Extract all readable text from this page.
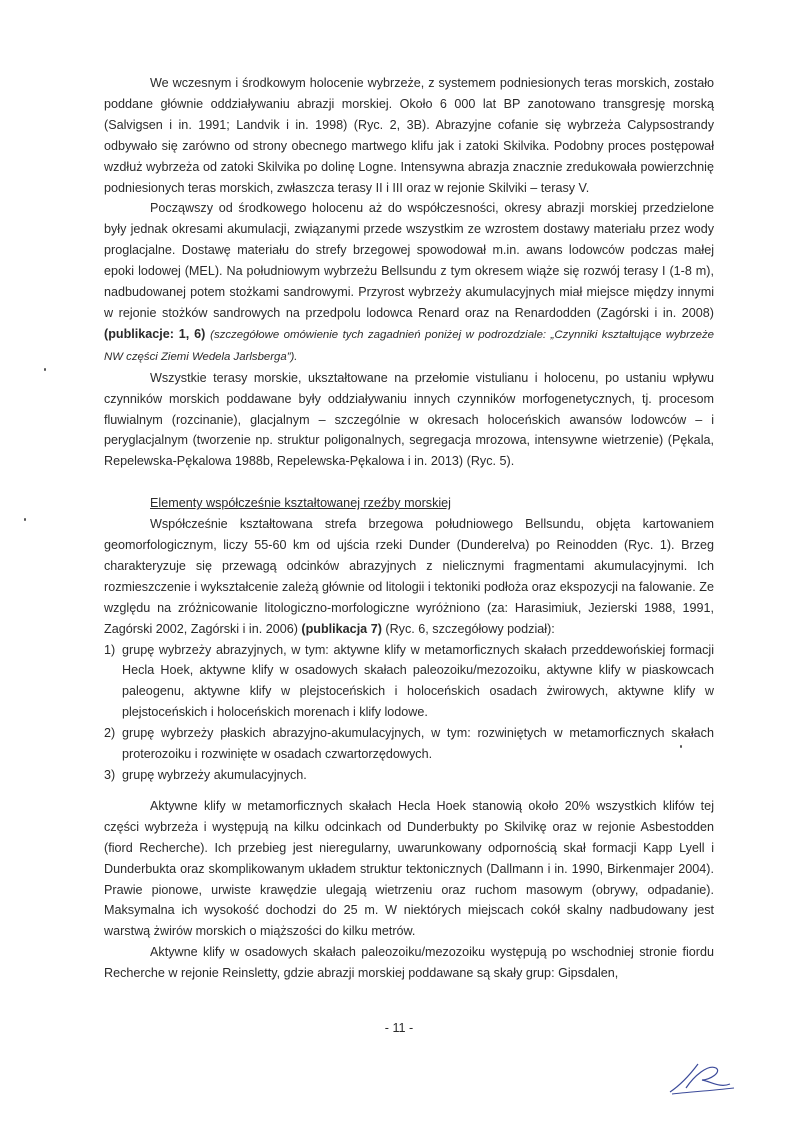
We wczesnym i środkowym holocenie wybrzeże, z systemem podniesionych teras morskich, zostało poddane głównie oddziaływaniu abrazji morskiej. Około 6 000 lat BP zanotowano transgresję morską (Salvigsen i in. 1991; Landvik i in. 1998) (Ryc. 2, 3B). Abrazyjne cofanie się wybrzeża Calypsostrandy odbywało się zarówno od strony obecnego martwego klifu jak i zatoki Skilvika. Podobny proces postępował wzdłuż wybrzeża od zatoki Skilvika po dolinę Logne. Intensywna abrazja znacznie zredukowała powierzchnię podniesionych teras morskich, zwłaszcza terasy II i III oraz w rejonie Skilviki – terasy V.

Począwszy od środkowego holocenu aż do współczesności, okresy abrazji morskiej przedzielone były jednak okresami akumulacji, związanymi przede wszystkim ze wzrostem dostawy materiału przez wody proglacjalne. Dostawę materiału do strefy brzegowej spowodował m.in. awans lodowców podczas małej epoki lodowej (MEL). Na południowym wybrzeżu Bellsundu z tym okresem wiąże się rozwój terasy I (1-8 m), nadbudowanej potem stożkami sandrowymi. Przyrost wybrzeży akumulacyjnych miał miejsce między innymi w rejonie stożków sandrowych na przedpolu lodowca Renard oraz na Renardodden (Zagórski i in. 2008) (publikacje: 1, 6) (szczegółowe omówienie tych zagadnień poniżej w podrozdziale: „Czynniki kształtujące wybrzeże NW części Ziemi Wedela Jarlsberga”).

Wszystkie terasy morskie, ukształtowane na przełomie vistulianu i holocenu, po ustaniu wpływu czynników morskich poddawane były oddziaływaniu innych czynników morfogenetycznych, tj. procesom fluwialnym (rozcinanie), glacjalnym – szczególnie w okresach holoceńskich awansów lodowców – i peryglacjalnym (tworzenie np. struktur poligonalnych, segregacja mrozowa, intensywne wietrzenie) (Pękala, Repelewska-Pękalowa 1988b, Repelewska-Pękalowa i in. 2013) (Ryc. 5).

Elementy współcześnie kształtowanej rzeźby morskiej

Współcześnie kształtowana strefa brzegowa południowego Bellsundu, objęta kartowaniem geomorfologicznym, liczy 55-60 km od ujścia rzeki Dunder (Dunderelva) po Reinodden (Ryc. 1). Brzeg charakteryzuje się przewagą odcinków abrazyjnych z nielicznymi fragmentami akumulacyjnymi. Ich rozmieszczenie i wykształcenie zależą głównie od litologii i tektoniki podłoża oraz ekspozycji na falowanie. Ze względu na zróżnicowanie litologiczno-morfologiczne wyróżniono (za: Harasimiuk, Jezierski 1988, 1991, Zagórski 2002, Zagórski i in. 2006) (publikacja 7) (Ryc. 6, szczegółowy podział):

1) grupę wybrzeży abrazyjnych, w tym: aktywne klify w metamorficznych skałach przeddewońskiej formacji Hecla Hoek, aktywne klify w osadowych skałach paleozoiku/mezozoiku, aktywne klify w piaskowcach paleogenu, aktywne klify w plejstoceńskich i holoceńskich osadach żwirowych, aktywne klify w plejstoceńskich i holoceńskich morenach i klify lodowe.
2) grupę wybrzeży płaskich abrazyjno-akumulacyjnych, w tym: rozwiniętych w metamorficznych skałach proterozoiku i rozwinięte w osadach czwartorzędowych.
3) grupę wybrzeży akumulacyjnych.

Aktywne klify w metamorficznych skałach Hecla Hoek stanowią około 20% wszystkich klifów tej części wybrzeża i występują na kilku odcinkach od Dunderbukty po Skilvikę oraz w rejonie Asbestodden (fiord Recherche). Ich przebieg jest nieregularny, uwarunkowany odpornością skał formacji Kapp Lyell i Dunderbukta oraz skomplikowanym układem struktur tektonicznych (Dallmann i in. 1990, Birkenmajer 2004). Prawie pionowe, urwiste krawędzie ulegają wietrzeniu oraz ruchom masowym (obrywy, odpadanie). Maksymalna ich wysokość dochodzi do 25 m. W niektórych miejscach cokół skalny nadbudowany jest warstwą żwirów morskich o miąższości do kilku metrów.

Aktywne klify w osadowych skałach paleozoiku/mezozoiku występują po wschodniej stronie fiordu Recherche w rejonie Reinsletty, gdzie abrazji morskiej poddawane są skały grup: Gipsdalen,

- 11 -
